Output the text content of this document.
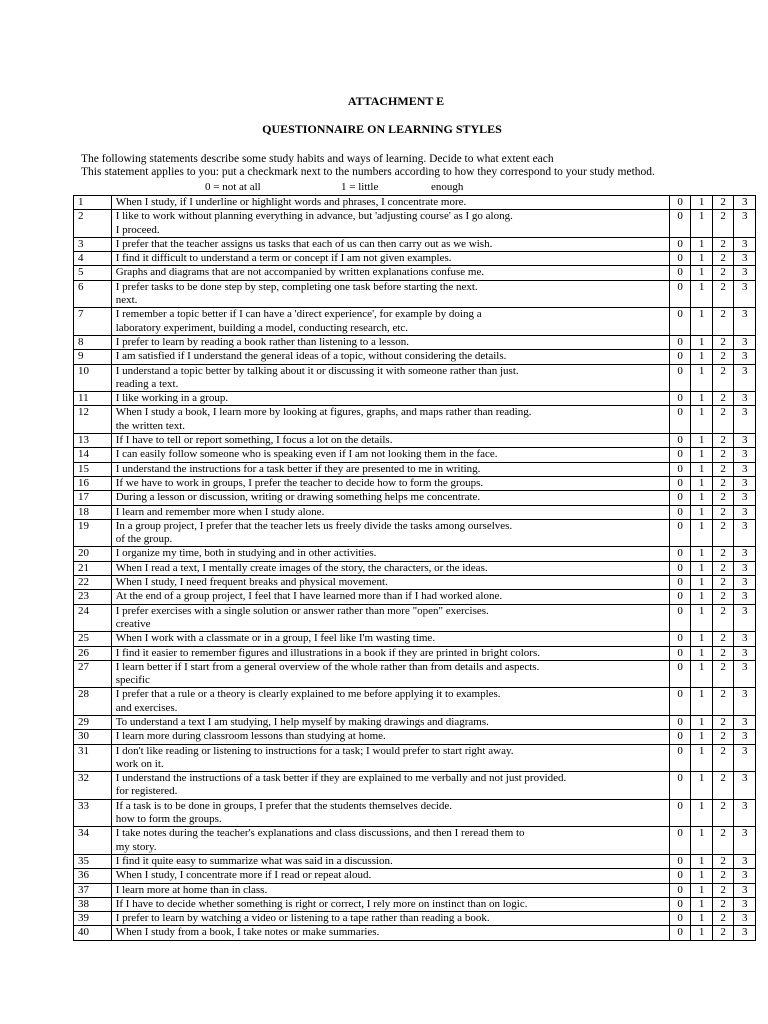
ATTACHMENT E
QUESTIONNAIRE ON LEARNING STYLES
The following statements describe some study habits and ways of learning. Decide to what extent each
This statement applies to you: put a checkmark next to the numbers according to how they correspond to your study method.
0 = not at all	1 = little	enough
1	When I study, if I underline or highlight words and phrases, I concentrate more.	0	1	2	3
2	I like to work without planning everything in advance, but 'adjusting course' as I go along.
I proceed.	0	1	2	3
3	I prefer that the teacher assigns us tasks that each of us can then carry out as we wish.	0	1	2	3
4	I find it difficult to understand a term or concept if I am not given examples.	0	1	2	3
5	Graphs and diagrams that are not accompanied by written explanations confuse me.	0	1	2	3
6	I prefer tasks to be done step by step, completing one task before starting the next.
next.	0	1	2	3
7	I remember a topic better if I can have a 'direct experience', for example by doing a
laboratory experiment, building a model, conducting research, etc.	0	1	2	3
8	I prefer to learn by reading a book rather than listening to a lesson.	0	1	2	3
9	I am satisfied if I understand the general ideas of a topic, without considering the details.	0	1	2	3
10	I understand a topic better by talking about it or discussing it with someone rather than just.
reading a text.	0	1	2	3
11	I like working in a group.	0	1	2	3
12	When I study a book, I learn more by looking at figures, graphs, and maps rather than reading.
the written text.	0	1	2	3
13	If I have to tell or report something, I focus a lot on the details.	0	1	2	3
14	I can easily follow someone who is speaking even if I am not looking them in the face.	0	1	2	3
15	I understand the instructions for a task better if they are presented to me in writing.	0	1	2	3
16	If we have to work in groups, I prefer the teacher to decide how to form the groups.	0	1	2	3
17	During a lesson or discussion, writing or drawing something helps me concentrate.	0	1	2	3
18	I learn and remember more when I study alone.	0	1	2	3
19	In a group project, I prefer that the teacher lets us freely divide the tasks among ourselves.
of the group.	0	1	2	3
20	I organize my time, both in studying and in other activities.	0	1	2	3
21	When I read a text, I mentally create images of the story, the characters, or the ideas.	0	1	2	3
22	When I study, I need frequent breaks and physical movement.	0	1	2	3
23	At the end of a group project, I feel that I have learned more than if I had worked alone.	0	1	2	3
24	I prefer exercises with a single solution or answer rather than more "open" exercises.
creative	0	1	2	3
25	When I work with a classmate or in a group, I feel like I'm wasting time.	0	1	2	3
26	I find it easier to remember figures and illustrations in a book if they are printed in bright colors.	0	1	2	3
27	I learn better if I start from a general overview of the whole rather than from details and aspects.
specific	0	1	2	3
28	I prefer that a rule or a theory is clearly explained to me before applying it to examples.
and exercises.	0	1	2	3
29	To understand a text I am studying, I help myself by making drawings and diagrams.	0	1	2	3
30	I learn more during classroom lessons than studying at home.	0	1	2	3
31	I don't like reading or listening to instructions for a task; I would prefer to start right away.
work on it.	0	1	2	3
32	I understand the instructions of a task better if they are explained to me verbally and not just provided.
for registered.	0	1	2	3
33	If a task is to be done in groups, I prefer that the students themselves decide.
how to form the groups.	0	1	2	3
34	I take notes during the teacher's explanations and class discussions, and then I reread them to
my story.	0	1	2	3
35	I find it quite easy to summarize what was said in a discussion.	0	1	2	3
36	When I study, I concentrate more if I read or repeat aloud.	0	1	2	3
37	I learn more at home than in class.	0	1	2	3
38	If I have to decide whether something is right or correct, I rely more on instinct than on logic.	0	1	2	3
39	I prefer to learn by watching a video or listening to a tape rather than reading a book.	0	1	2	3
40	When I study from a book, I take notes or make summaries.	0	1	2	3
